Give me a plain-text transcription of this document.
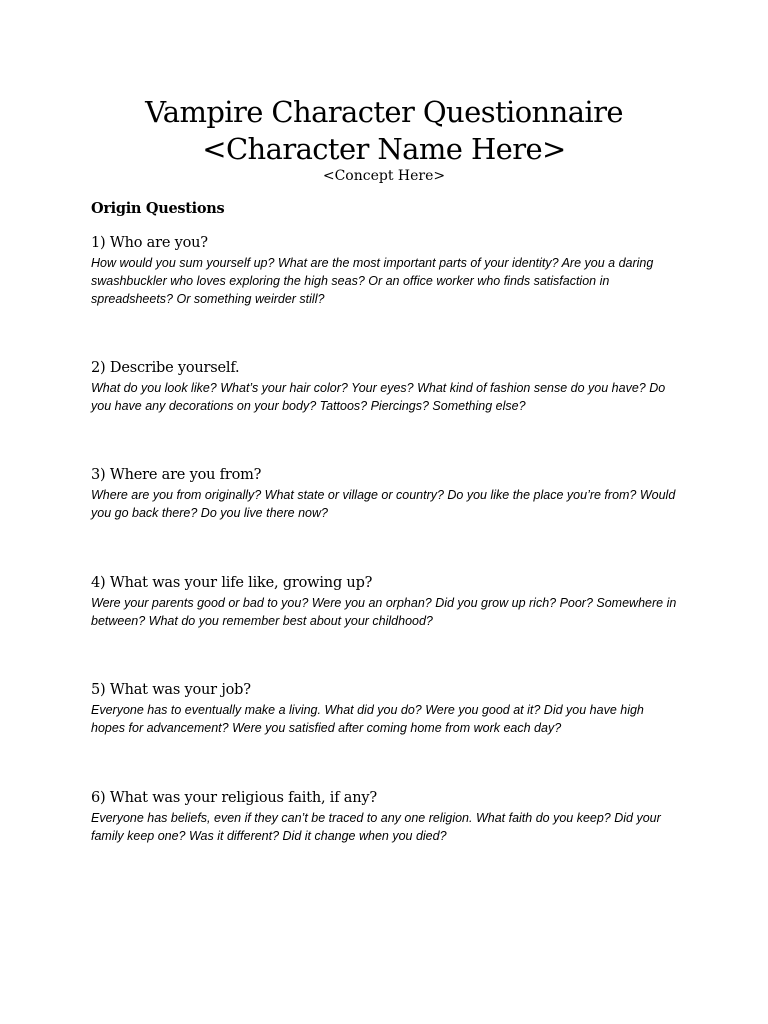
Vampire Character Questionnaire
<Character Name Here>
<Concept Here>
Origin Questions

1) Who are you?

How would you sum yourself up? What are the most important parts of your identity? Are you a daring swashbuckler who loves exploring the high seas? Or an office worker who finds satisfaction in spreadsheets? Or something weirder still?

2) Describe yourself.

What do you look like? What’s your hair color? Your eyes? What kind of fashion sense do you have? Do you have any decorations on your body? Tattoos? Piercings? Something else?

3) Where are you from?

Where are you from originally? What state or village or country? Do you like the place you’re from? Would you go back there? Do you live there now?

4) What was your life like, growing up?

Were your parents good or bad to you? Were you an orphan? Did you grow up rich? Poor? Somewhere in between? What do you remember best about your childhood?

5) What was your job?

Everyone has to eventually make a living. What did you do? Were you good at it? Did you have high hopes for advancement? Were you satisfied after coming home from work each day?

6) What was your religious faith, if any?

Everyone has beliefs, even if they can’t be traced to any one religion. What faith do you keep? Did your family keep one? Was it different? Did it change when you died?
